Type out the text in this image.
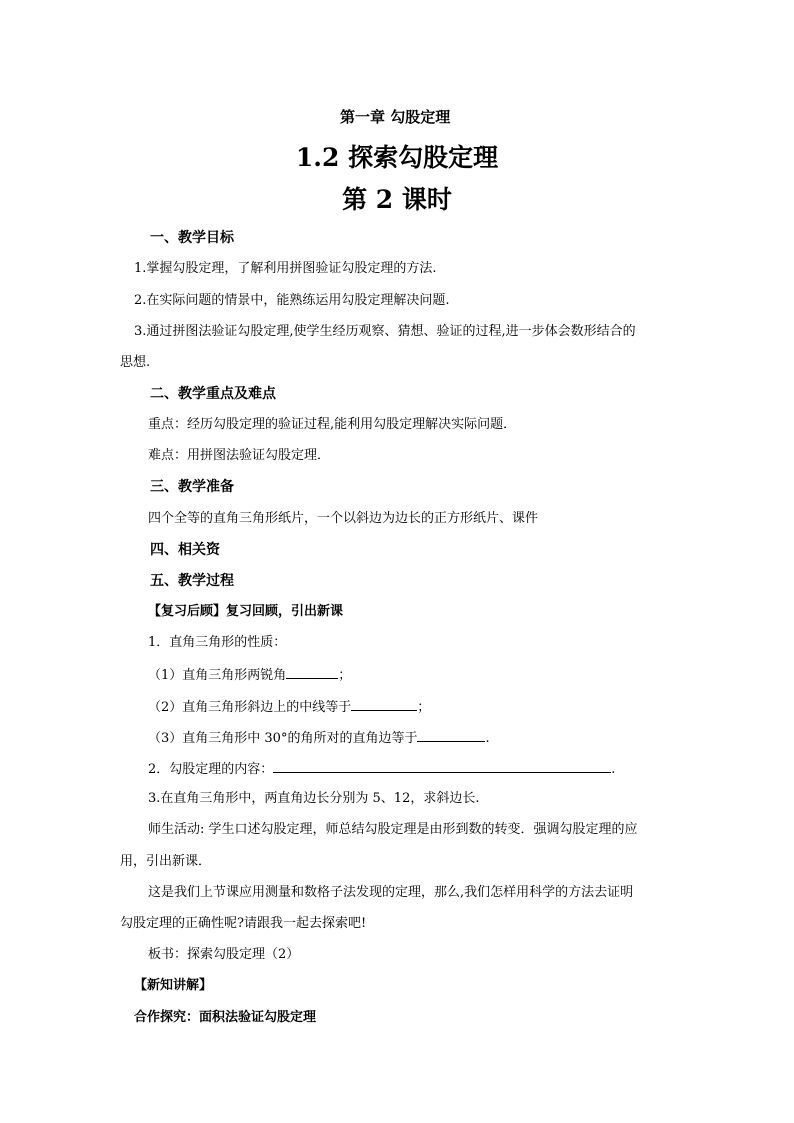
第一章 勾股定理
1.2 探索勾股定理
第 2 课时
一、教学目标
1.掌握勾股定理，了解利用拼图验证勾股定理的方法.
2.在实际问题的情景中，能熟练运用勾股定理解决问题.
3.通过拼图法验证勾股定理,使学生经历观察、猜想、验证的过程,进一步体会数形结合的
思想.
二、教学重点及难点
重点：经历勾股定理的验证过程,能利用勾股定理解决实际问题．
难点：用拼图法验证勾股定理．
三、教学准备
四个全等的直角三角形纸片，一个以斜边为边长的正方形纸片、课件
四、相关资
五、教学过程
【复习后顾】复习回顾，引出新课
1．直角三角形的性质：
（1）直角三角形两锐角	；
（2）直角三角形斜边上的中线等于	；
（3）直角三角形中 30°的角所对的直角边等于	.
2．勾股定理的内容：	.
3.在直角三角形中，两直角边长分别为 5、12，求斜边长.
师生活动: 学生口述勾股定理，师总结勾股定理是由形到数的转变．强调勾股定理的应
用，引出新课．
这是我们上节课应用测量和数格子法发现的定理，那么,我们怎样用科学的方法去证明
勾股定理的正确性呢?请跟我一起去探索吧!
板书：探索勾股定理（2）
【新知讲解】
合作探究：面积法验证勾股定理
